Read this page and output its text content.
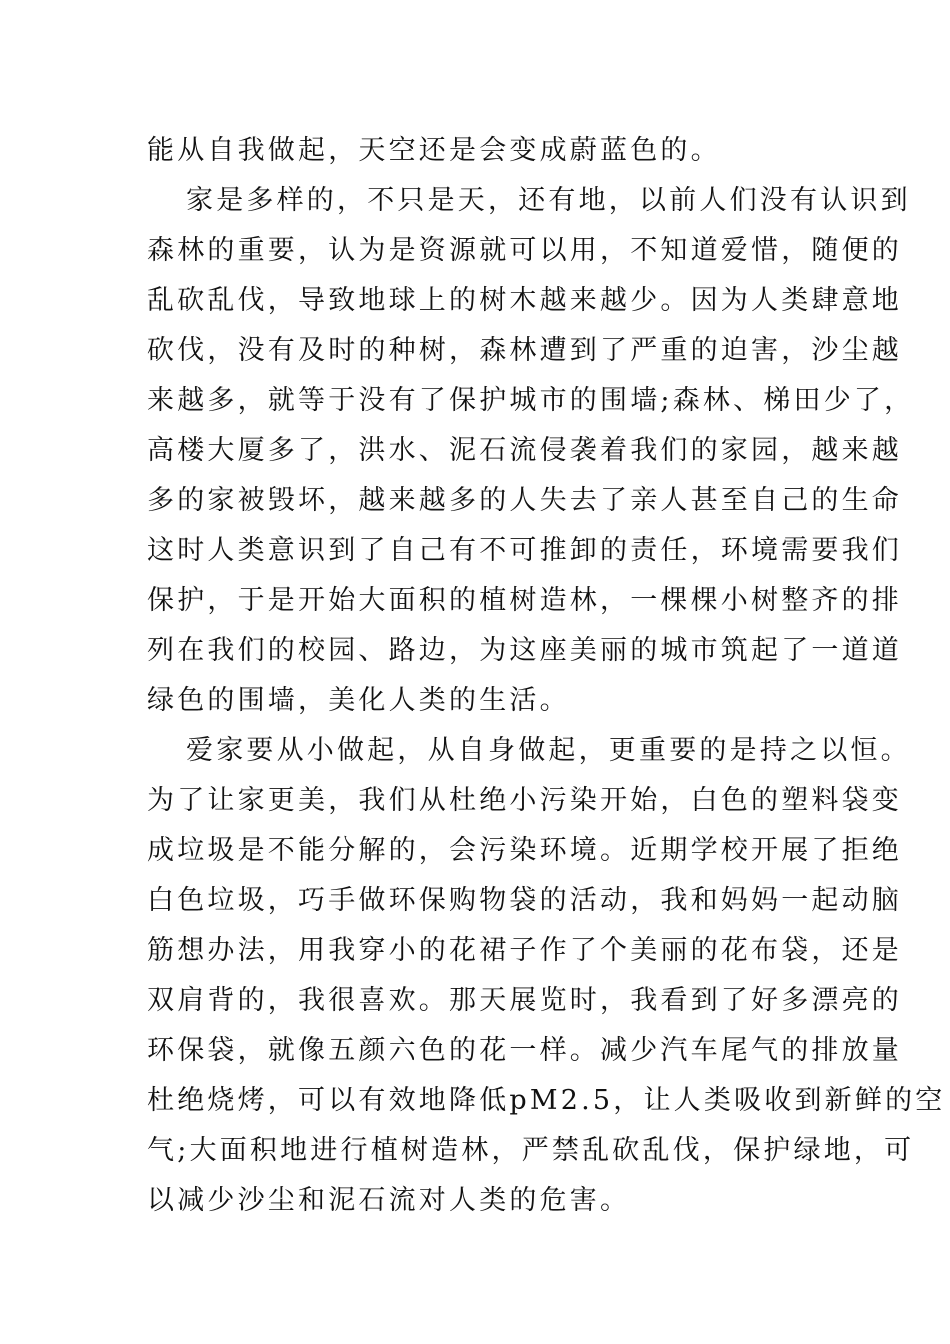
能从自我做起，天空还是会变成蔚蓝色的。
家是多样的，不只是天，还有地，以前人们没有认识到
森林的重要，认为是资源就可以用，不知道爱惜，随便的
乱砍乱伐，导致地球上的树木越来越少。因为人类肆意地
砍伐，没有及时的种树，森林遭到了严重的迫害，沙尘越
来越多，就等于没有了保护城市的围墙;森林、梯田少了，
高楼大厦多了，洪水、泥石流侵袭着我们的家园，越来越
多的家被毁坏，越来越多的人失去了亲人甚至自己的生命
这时人类意识到了自己有不可推卸的责任，环境需要我们
保护，于是开始大面积的植树造林，一棵棵小树整齐的排
列在我们的校园、路边，为这座美丽的城市筑起了一道道
绿色的围墙，美化人类的生活。
爱家要从小做起，从自身做起，更重要的是持之以恒。
为了让家更美，我们从杜绝小污染开始，白色的塑料袋变
成垃圾是不能分解的，会污染环境。近期学校开展了拒绝
白色垃圾，巧手做环保购物袋的活动，我和妈妈一起动脑
筋想办法，用我穿小的花裙子作了个美丽的花布袋，还是
双肩背的，我很喜欢。那天展览时，我看到了好多漂亮的
环保袋，就像五颜六色的花一样。减少汽车尾气的排放量
杜绝烧烤，可以有效地降低pM2.5，让人类吸收到新鲜的空
气;大面积地进行植树造林，严禁乱砍乱伐，保护绿地，可
以减少沙尘和泥石流对人类的危害。
